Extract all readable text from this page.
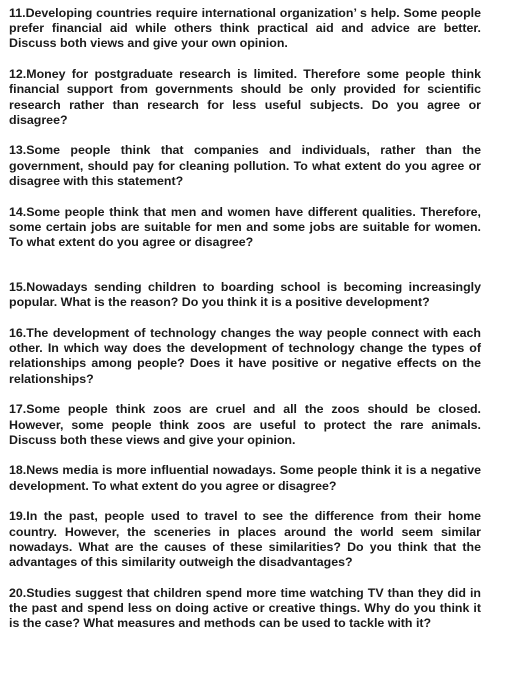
11.Developing countries require international organization’ s help. Some people prefer financial aid while others think practical aid and advice are better. Discuss both views and give your own opinion.

12.Money for postgraduate research is limited. Therefore some people think financial support from governments should be only provided for scientific research rather than research for less useful subjects. Do you agree or disagree?

13.Some people think that companies and individuals, rather than the government, should pay for cleaning pollution. To what extent do you agree or disagree with this statement?

14.Some people think that men and women have different qualities. Therefore, some certain jobs are suitable for men and some jobs are suitable for women. To what extent do you agree or disagree?

15.Nowadays sending children to boarding school is becoming increasingly popular. What is the reason? Do you think it is a positive development?

16.The development of technology changes the way people connect with each other. In which way does the development of technology change the types of relationships among people? Does it have positive or negative effects on the relationships?

17.Some people think zoos are cruel and all the zoos should be closed. However, some people think zoos are useful to protect the rare animals. Discuss both these views and give your opinion.

18.News media is more influential nowadays. Some people think it is a negative development. To what extent do you agree or disagree?

19.In the past, people used to travel to see the difference from their home country. However, the sceneries in places around the world seem similar nowadays. What are the causes of these similarities? Do you think that the advantages of this similarity outweigh the disadvantages?

20.Studies suggest that children spend more time watching TV than they did in the past and spend less on doing active or creative things. Why do you think it is the case? What measures and methods can be used to tackle with it?
